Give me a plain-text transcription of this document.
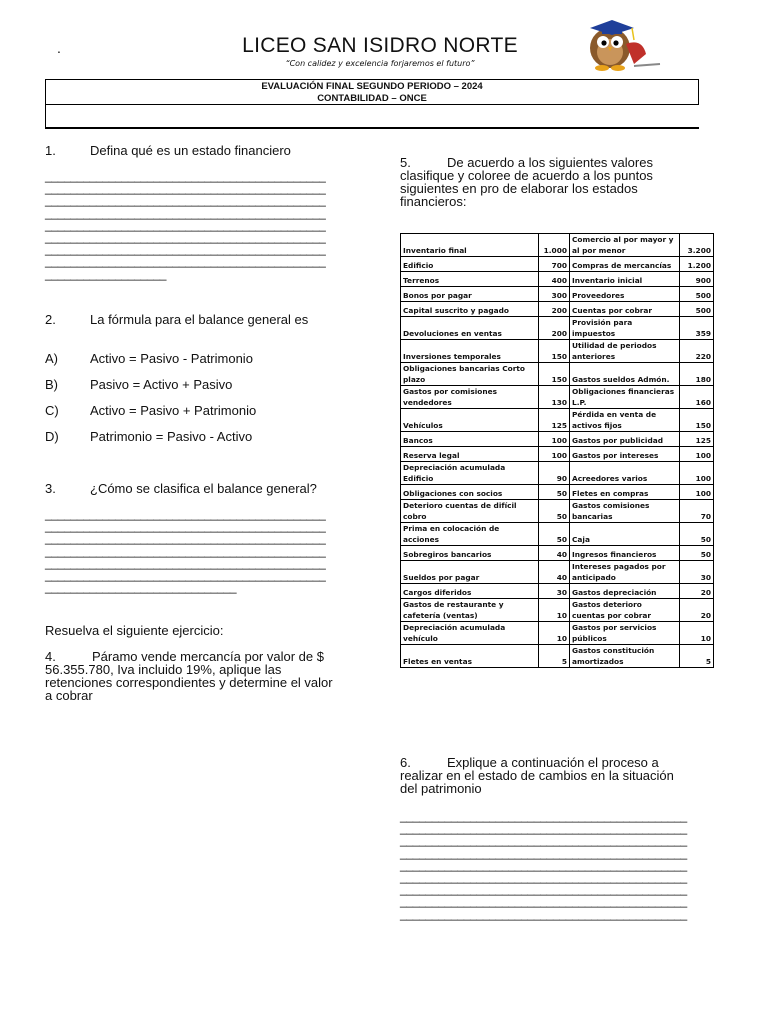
.	LICEO SAN ISIDRO NORTE
“Con calidez y excelencia forjaremos el futuro”
EVALUACIÓN FINAL SEGUNDO PERIODO – 2024
CONTABILIDAD – ONCE
1.	Defina qué es un estado financiero
____________________________________________
____________________________________________
____________________________________________
____________________________________________
____________________________________________
____________________________________________
____________________________________________
____________________________________________
___________________
2.	La fórmula para el balance general es
A) Activo = Pasivo - Patrimonio
B) Pasivo = Activo + Pasivo
C) Activo = Pasivo + Patrimonio
D) Patrimonio = Pasivo - Activo
3.	¿Cómo se clasifica el balance general?
____________________________________________
____________________________________________
____________________________________________
____________________________________________
____________________________________________
____________________________________________
______________________________
Resuelva el siguiente ejercicio:
4.	Páramo vende mercancía por valor de $
56.355.780, Iva incluido 19%, aplique las
retenciones correspondientes y determine el valor
a cobrar
5.	De acuerdo a los siguientes valores
clasifique y coloree de acuerdo a los puntos
siguientes en pro de elaborar los estados
financieros:
Inventario final	1.000	Comercio al por mayor y al por menor	3.200
Edificio	700	Compras de mercancías	1.200
Terrenos	400	Inventario inicial	900
Bonos por pagar	300	Proveedores	500
Capital suscrito y pagado	200	Cuentas por cobrar	500
Devoluciones en ventas	200	Provisión para impuestos	359
Inversiones temporales	150	Utilidad de periodos anteriores	220
Obligaciones bancarias Corto plazo	150	Gastos sueldos Admón.	180
Gastos por comisiones vendedores	130	Obligaciones financieras L.P.	160
Vehículos	125	Pérdida en venta de activos fijos	150
Bancos	100	Gastos por publicidad	125
Reserva legal	100	Gastos por intereses	100
Depreciación acumulada Edificio	90	Acreedores varios	100
Obligaciones con socios	50	Fletes en compras	100
Deterioro cuentas de difícil cobro	50	Gastos comisiones bancarias	70
Prima en colocación de acciones	50	Caja	50
Sobregiros bancarios	40	Ingresos financieros	50
Sueldos por pagar	40	Intereses pagados por anticipado	30
Cargos diferidos	30	Gastos depreciación	20
Gastos de restaurante y cafetería (ventas)	10	Gastos deterioro cuentas por cobrar	20
Depreciación acumulada vehículo	10	Gastos por servicios públicos	10
Fletes en ventas	5	Gastos constitución amortizados	5
6.	Explique a continuación el proceso a
realizar en el estado de cambios en la situación
del patrimonio
_____________________________________________
_____________________________________________
_____________________________________________
_____________________________________________
_____________________________________________
_____________________________________________
_____________________________________________
_____________________________________________
_____________________________________________
